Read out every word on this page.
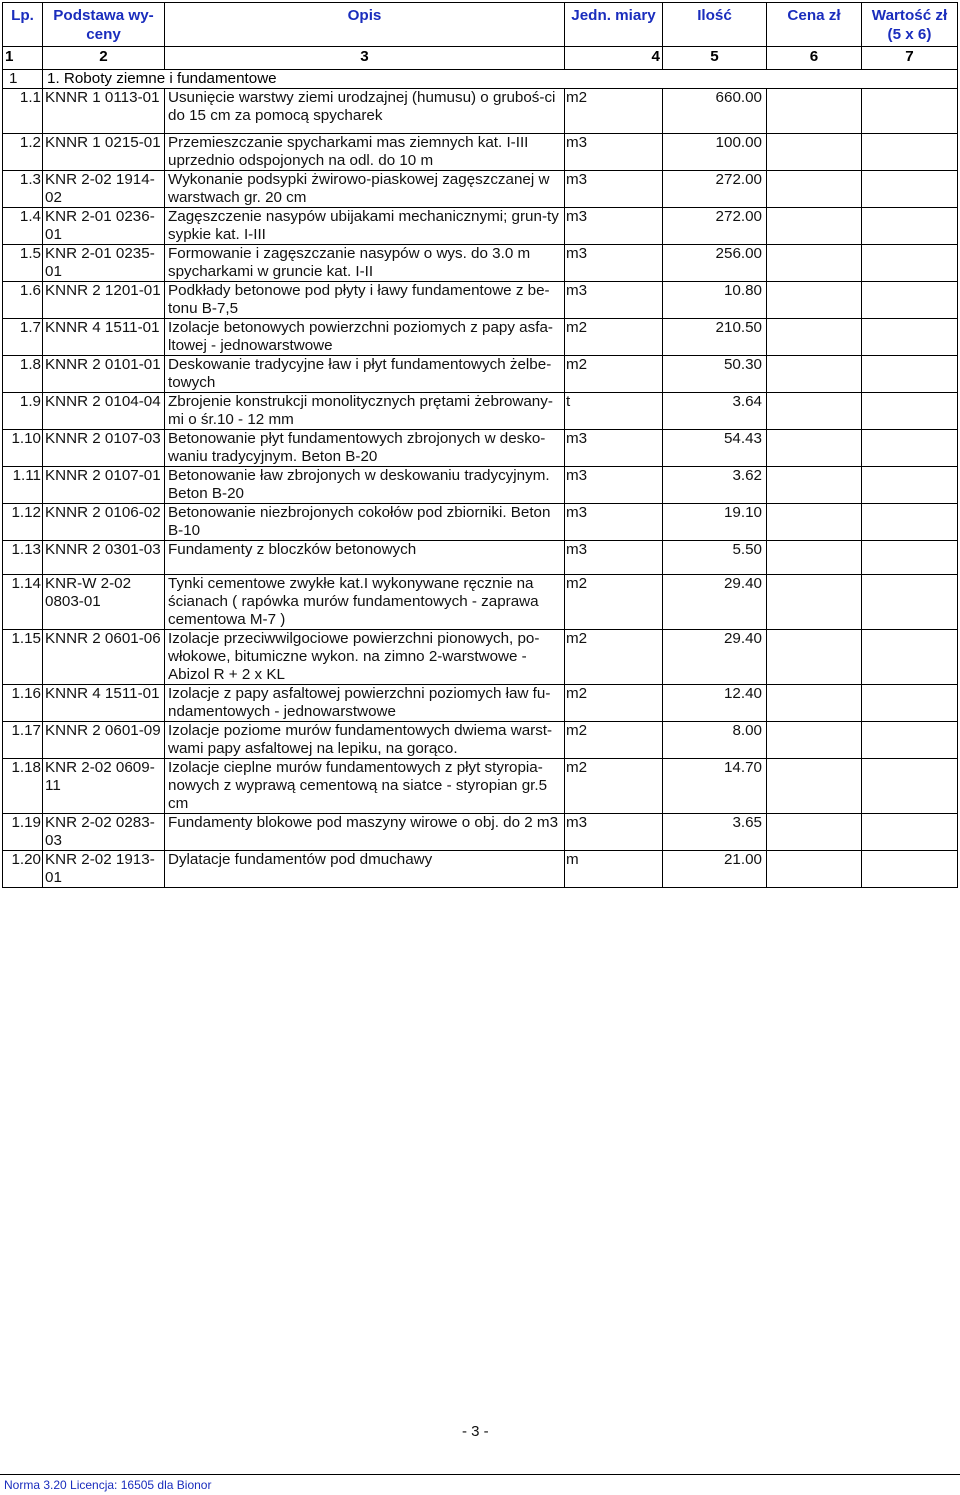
Lp.	Podstawa wy-ceny	Opis	Jedn. miary	Ilość	Cena zł	Wartość zł (5 x 6)
1	2	3	4	5	6	7
1	1. Roboty ziemne i fundamentowe					
1.1	KNNR 1 0113-01	Usunięcie warstwy ziemi urodzajnej (humusu) o gruboś-ci do 15 cm za pomocą spycharek	m2	660.00		
1.2	KNNR 1 0215-01	Przemieszczanie spycharkami mas ziemnych kat. I-III uprzednio odspojonych na odl. do 10 m	m3	100.00		
1.3	KNR 2-02 1914-02	Wykonanie podsypki żwirowo-piaskowej zagęszczanej w warstwach gr. 20 cm	m3	272.00		
1.4	KNR 2-01 0236-01	Zagęszczenie nasypów ubijakami mechanicznymi; grun-ty sypkie kat. I-III	m3	272.00		
1.5	KNR 2-01 0235-01	Formowanie i zagęszczanie nasypów o wys. do 3.0 m spycharkami w gruncie kat. I-II	m3	256.00		
1.6	KNNR 2 1201-01	Podkłady betonowe pod płyty i ławy fundamentowe z be-tonu B-7,5	m3	10.80		
1.7	KNNR 4 1511-01	Izolacje betonowych powierzchni poziomych z papy asfa-ltowej - jednowarstwowe	m2	210.50		
1.8	KNNR 2 0101-01	Deskowanie tradycyjne ław i płyt fundamentowych żelbe-towych	m2	50.30		
1.9	KNNR 2 0104-04	Zbrojenie konstrukcji monolitycznych prętami żebrowany-mi o śr.10 - 12 mm	t	3.64		
1.10	KNNR 2 0107-03	Betonowanie płyt fundamentowych zbrojonych w desko-waniu tradycyjnym. Beton B-20	m3	54.43		
1.11	KNNR 2 0107-01	Betonowanie ław zbrojonych w deskowaniu tradycyjnym. Beton B-20	m3	3.62		
1.12	KNNR 2 0106-02	Betonowanie niezbrojonych cokołów pod zbiorniki. Beton B-10	m3	19.10		
1.13	KNNR 2 0301-03	Fundamenty z bloczków betonowych	m3	5.50		
1.14	KNR-W 2-02 0803-01	Tynki cementowe zwykłe kat.I wykonywane ręcznie na ścianach ( rapówka murów fundamentowych - zaprawa cementowa M-7 )	m2	29.40		
1.15	KNNR 2 0601-06	Izolacje przeciwwilgociowe powierzchni pionowych, po-włokowe, bitumiczne wykon. na zimno 2-warstwowe - Abizol R + 2 x KL	m2	29.40		
1.16	KNNR 4 1511-01	Izolacje z papy asfaltowej powierzchni poziomych ław fu-ndamentowych - jednowarstwowe	m2	12.40		
1.17	KNNR 2 0601-09	Izolacje poziome murów fundamentowych dwiema warst-wami papy asfaltowej na lepiku, na gorąco.	m2	8.00		
1.18	KNR 2-02 0609-11	Izolacje cieplne murów fundamentowych z płyt styropia-nowych z wyprawą cementową na siatce - styropian gr.5 cm	m2	14.70		
1.19	KNR 2-02 0283-03	Fundamenty blokowe pod maszyny wirowe o obj. do 2 m3	m3	3.65		
1.20	KNR 2-02 1913-01	Dylatacje fundamentów pod dmuchawy	m	21.00		
- 3 -
Norma 3.20 Licencja: 16505 dla Bionor
